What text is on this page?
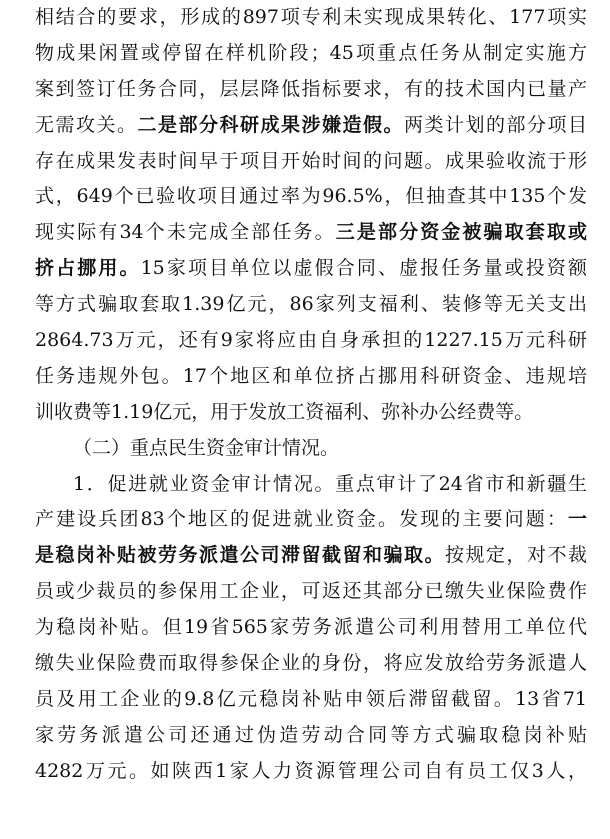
相结合的要求，形成的897项专利未实现成果转化、177项实
物成果闲置或停留在样机阶段；45项重点任务从制定实施方
案到签订任务合同，层层降低指标要求，有的技术国内已量产
无需攻关。二是部分科研成果涉嫌造假。两类计划的部分项目
存在成果发表时间早于项目开始时间的问题。成果验收流于形
式，649个已验收项目通过率为96.5%，但抽查其中135个发
现实际有34个未完成全部任务。三是部分资金被骗取套取或
挤占挪用。15家项目单位以虚假合同、虚报任务量或投资额
等方式骗取套取1.39亿元，86家列支福利、装修等无关支出
2864.73万元，还有9家将应由自身承担的1227.15万元科研
任务违规外包。17个地区和单位挤占挪用科研资金、违规培
训收费等1.19亿元，用于发放工资福利、弥补办公经费等。
（二）重点民生资金审计情况。
1．促进就业资金审计情况。重点审计了24省市和新疆生
产建设兵团83个地区的促进就业资金。发现的主要问题：一
是稳岗补贴被劳务派遣公司滞留截留和骗取。按规定，对不裁
员或少裁员的参保用工企业，可返还其部分已缴失业保险费作
为稳岗补贴。但19省565家劳务派遣公司利用替用工单位代
缴失业保险费而取得参保企业的身份，将应发放给劳务派遣人
员及用工企业的9.8亿元稳岗补贴申领后滞留截留。13省71
家劳务派遣公司还通过伪造劳动合同等方式骗取稳岗补贴
4282万元。如陕西1家人力资源管理公司自有员工仅3人，
